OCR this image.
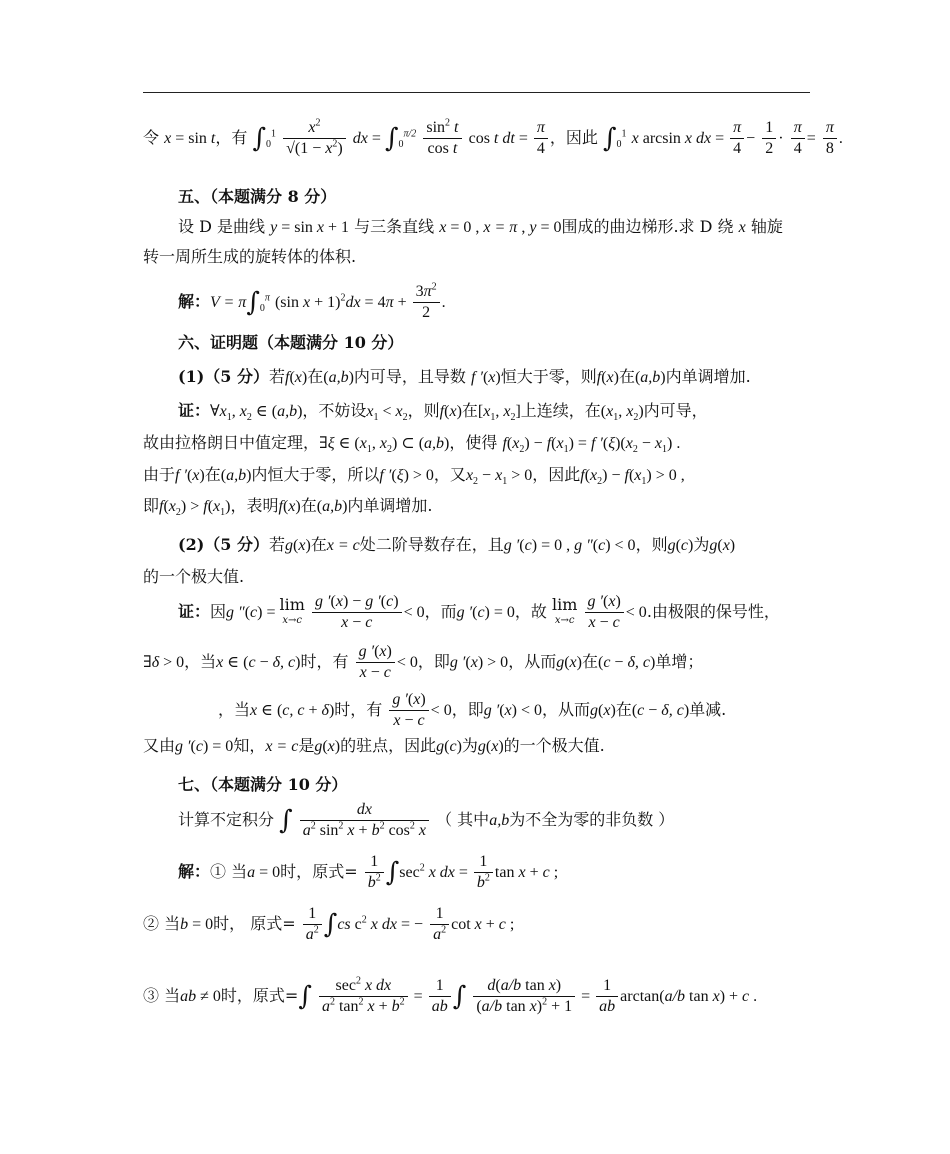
令 x = sin t，有 $\int_0^1 \frac{x^2}{√(1 - x^2)}$ dx = $\int_0^{\pi/2} \frac{\sin^2 t}{\text{cos t}}$ cos t dt = $\frac{\pi}{4}$ ，因此 $\int_0^1$ x arcsin x dx = $\frac{\pi}{4} - \frac{1}{2} \cdot \frac{\pi}{4} = \frac{\pi}{8}$ .
五、（本题满分 8 分）
设 D 是曲线 y = sin x + 1 与三条直线 x = 0 , x = π , y = 0围成的曲边梯形.求 D 绕 x 轴旋
转一周所生成的旋转体的体积.
解：$V = \pi\int_0^\pi$ (sin $x + 1)^2dx = 4\pi + \frac{3\pi^2}{2}$ .
六、证明题（本题满分 10 分）
(1)（5 分）若f(x)在(a,b)内可导，且导数 f ′(x)恒大于零，则f(x)在(a,b)内单调增加.
证：$\forall x_1$, $x_2$ ∈ (a,b)，不妨设$x_1 < x_2$，则f(x)在[$x_1$, $x_2$]上连续，在($x_1$, $x_2$)内可导，
故由拉格朗日中值定理，∃ξ ∈ ($x_1$, $x_2$) ⊂ (a,b)，使得 $f(x_2) - f(x_1) = f$ $'(\xi)(x_2 - x_1)$ .
由于f ′(x)在(a,b)内恒大于零，所以f ′(ξ) > 0，又$x_2 - x_1 > 0$，因此$f(x_2) - f(x_1) > 0$ ,
即$f(x_2) > f(x_1)$，表明f(x)在(a,b)内单调增加.
(2)（5 分）若g(x)在x = c处二阶导数存在，且g ′(c) = 0 , g ″(c) < 0，则g(c)为g(x)
的一个极大值.
证：因g ″(c) = lim
x→c
$\frac{g '(x) - g '(c)}{x - c} < 0$，而g ′(c) = 0，故 lim
x→c
$\frac{g '(x)}{x - c} < 0$.由极限的保号性，
∃δ > 0，当x ∈ (c − δ, c)时，有 $\frac{g '(x)}{x - c} < 0$，即g ′(x) > 0，从而g(x)在(c − δ, c)单增；
，当x ∈ (c, c + δ)时，有 $\frac{g '(x)}{x - c} < 0$，即g ′(x) < 0，从而g(x)在(c − δ, c)单减.
又由g ′(c) = 0知，x = c是g(x)的驻点，因此g(c)为g(x)的一个极大值.
七、（本题满分 10 分）
计算不定积分 ∫ $\frac{dx}{a^2 \sin^2 x + b^2 \cos^2 x}$ （ 其中a,b为不全为零的非负数 ）
解：① 当a = 0时，原式= $\frac{1}{b^2} \int\sec^2$ x dx = $\frac{1}{b^2}$ tan x + c ;
② 当b = 0时， 原式= $\frac{1}{a^2} \int cs$ $c^2$ x dx = − $\frac{1}{a^2}$ cot x + c ;
③ 当ab ≠ 0时，原式=∫ $\frac{\sec^2 x dx}{a^2 \tan^2 x + b^2} = \frac{1}{ab}$ ∫ $\frac{\text{d(a/b tan x)}}{(a/b \tan x)^2 + 1} = \frac{1}{ab} \arctan(a/b$ tan x) + c .
